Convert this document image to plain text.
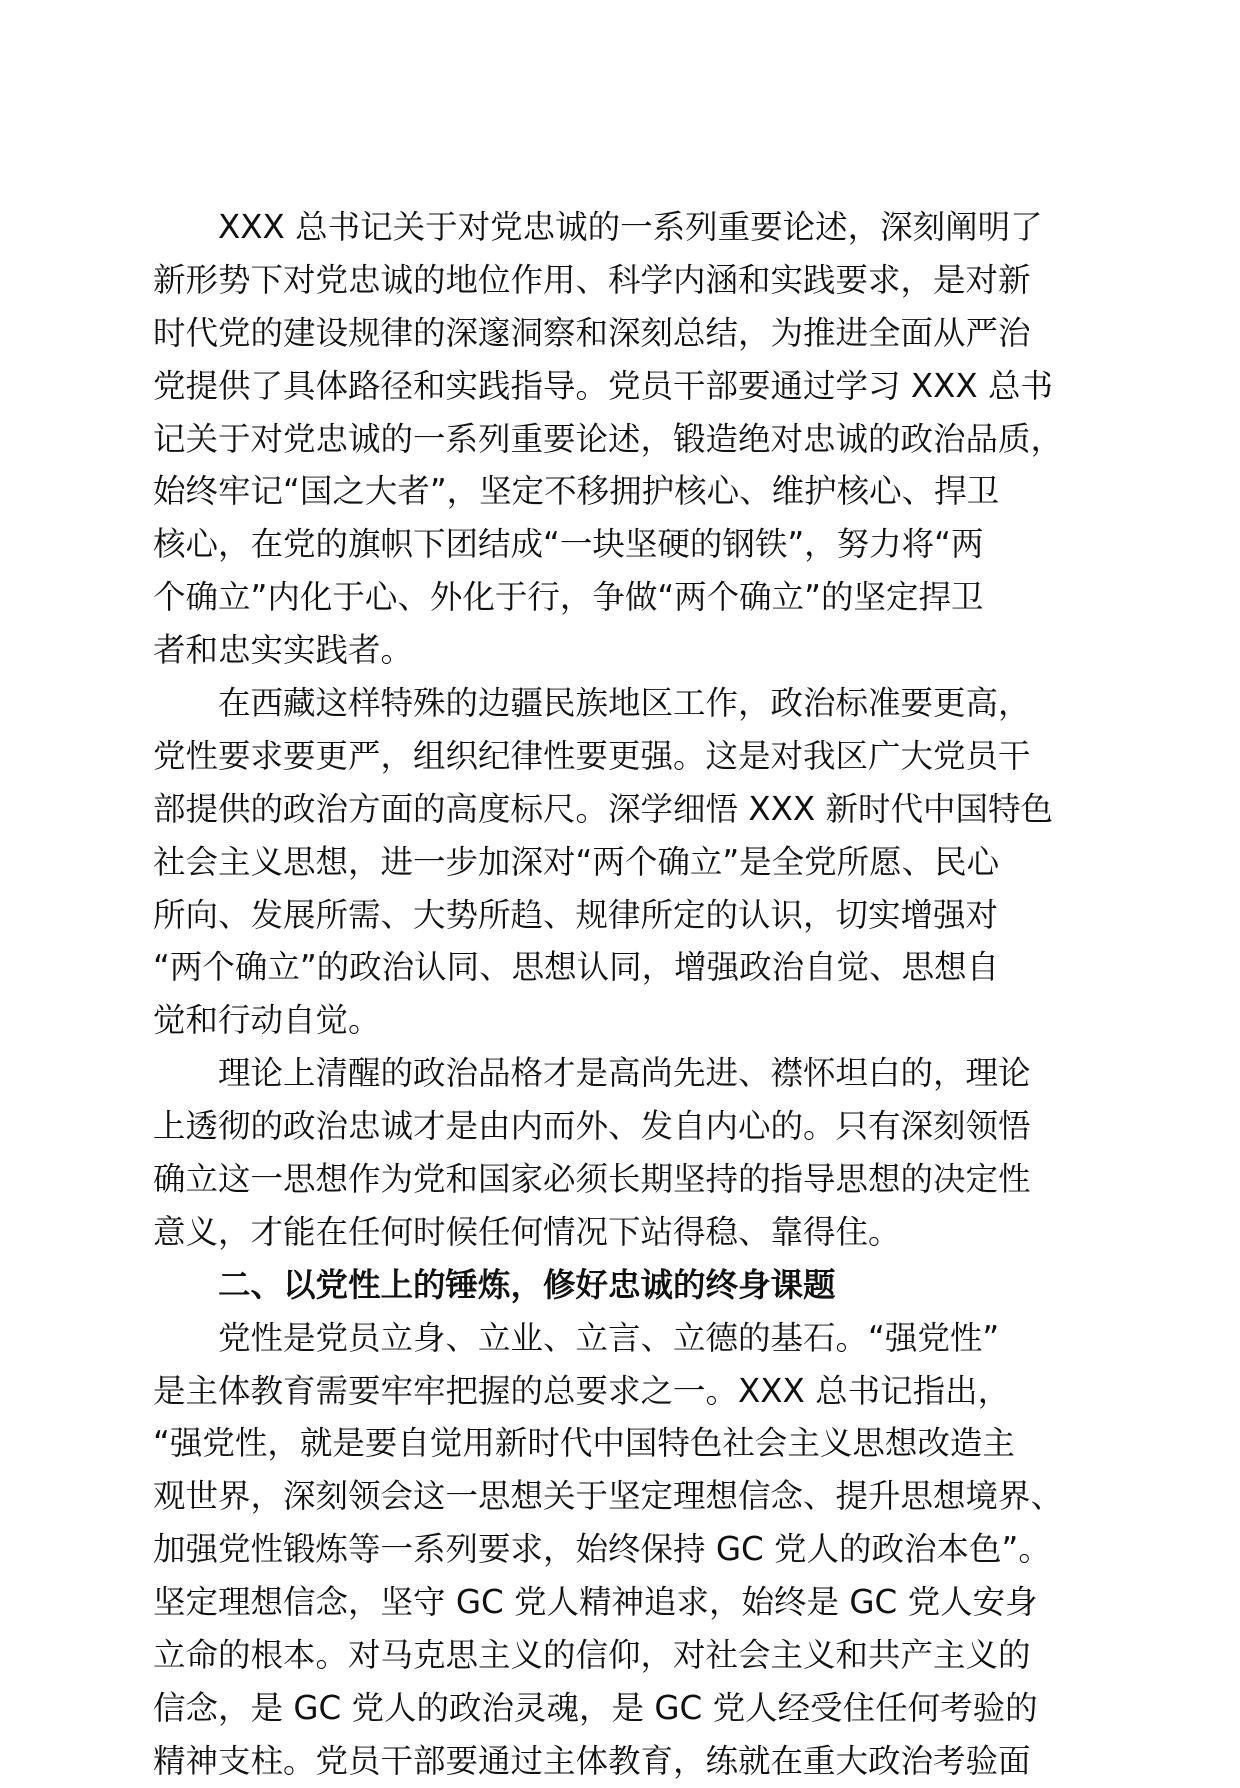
XXX 总书记关于对党忠诚的一系列重要论述，深刻阐明了
新形势下对党忠诚的地位作用、科学内涵和实践要求，是对新
时代党的建设规律的深邃洞察和深刻总结，为推进全面从严治
党提供了具体路径和实践指导。党员干部要通过学习 XXX 总书
记关于对党忠诚的一系列重要论述，锻造绝对忠诚的政治品质，
始终牢记“国之大者”，坚定不移拥护核心、维护核心、捍卫
核心，在党的旗帜下团结成“一块坚硬的钢铁”，努力将“两
个确立”内化于心、外化于行，争做“两个确立”的坚定捍卫
者和忠实实践者。
在西藏这样特殊的边疆民族地区工作，政治标准要更高，
党性要求要更严，组织纪律性要更强。这是对我区广大党员干
部提供的政治方面的高度标尺。深学细悟 XXX 新时代中国特色
社会主义思想，进一步加深对“两个确立”是全党所愿、民心
所向、发展所需、大势所趋、规律所定的认识，切实增强对
“两个确立”的政治认同、思想认同，增强政治自觉、思想自
觉和行动自觉。
理论上清醒的政治品格才是高尚先进、襟怀坦白的，理论
上透彻的政治忠诚才是由内而外、发自内心的。只有深刻领悟
确立这一思想作为党和国家必须长期坚持的指导思想的决定性
意义，才能在任何时候任何情况下站得稳、靠得住。
二、以党性上的锤炼，修好忠诚的终身课题
党性是党员立身、立业、立言、立德的基石。“强党性”
是主体教育需要牢牢把握的总要求之一。XXX 总书记指出，
“强党性，就是要自觉用新时代中国特色社会主义思想改造主
观世界，深刻领会这一思想关于坚定理想信念、提升思想境界、
加强党性锻炼等一系列要求，始终保持 GC 党人的政治本色”。
坚定理想信念，坚守 GC 党人精神追求，始终是 GC 党人安身
立命的根本。对马克思主义的信仰，对社会主义和共产主义的
信念，是 GC 党人的政治灵魂，是 GC 党人经受住任何考验的
精神支柱。党员干部要通过主体教育，练就在重大政治考验面
